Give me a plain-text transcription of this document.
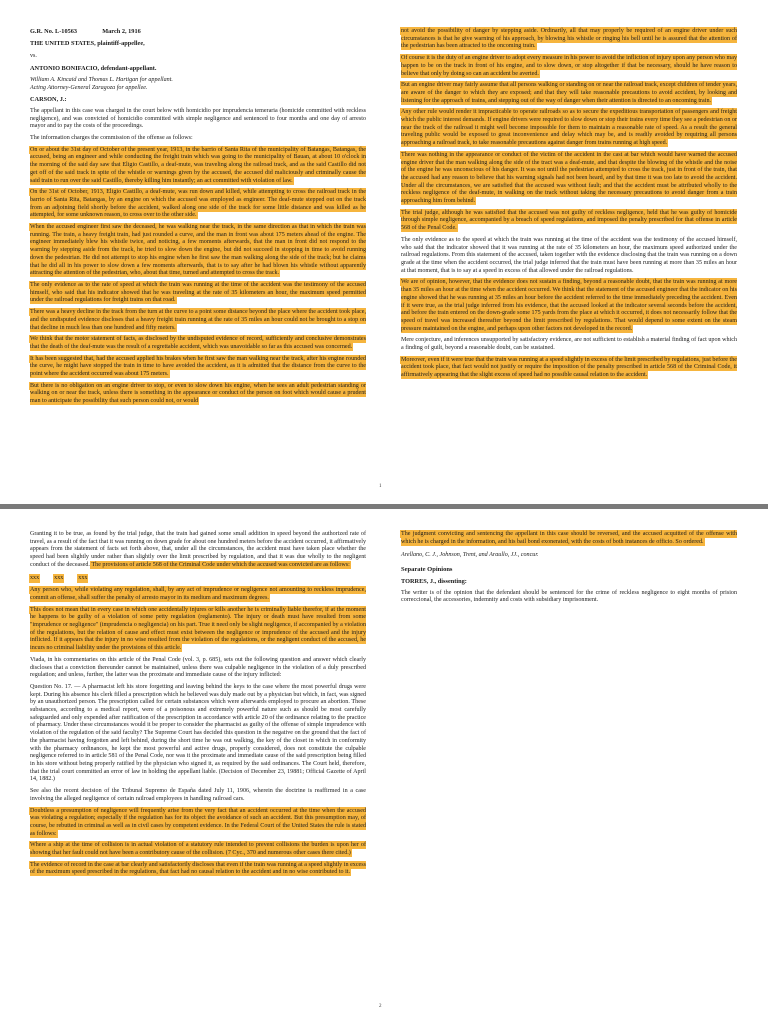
G.R. No. L-10563	March 2, 1916

THE UNITED STATES, plaintiff-appellee,

vs.

ANTONIO BONIFACIO, defendant-appellant.

William A. Kincaid and Thomas L. Hartigan for appellant.

Acting Attorney-General Zaragoza for appellee.

CARSON, J.:

The appellant in this case was charged in the court below with homicidio por imprudencia temeraria (homicide committed with reckless negligence), and was convicted of homicidio committed with simple negligence and sentenced to four months and one day of arresto mayor and to pay the costs of the proceedings.

The information charges the commission of the offense as follows:

On or about the 31st day of October of the present year, 1913, in the barrio of Santa Rita of the municipality of Batangas, Batangas, the accused, being an engineer and while conducting the freight train which was going to the municipality of Bauan, at about 10 o'clock in the morning of the said day saw that Eligio Castillo, a deaf-mute, was traveling along the railroad track, and as the said Castillo did not get off of the said track in spite of the whistle or warnings given by the accused, the accused did maliciously and criminally cause the said train to run over the said Castillo, thereby killing him instantly; an act committed with violation of law.

On the 31st of October, 1913, Eligio Castillo, a deaf-mute, was run down and killed, while attempting to cross the railroad track in the barrio of Santa Rita, Batangas, by an engine on which the accused was employed as engineer. The deaf-mute stepped out on the track from an adjoining field shortly before the accident, walked along one side of the track for some little distance and was killed as he attempted, for some unknown reason, to cross over to the other side.

When the accused engineer first saw the deceased, he was walking near the track, in the same direction as that in which the train was running. The train, a heavy freight train, had just rounded a curve, and the man in front was about 175 meters ahead of the engine. The engineer immediately blew his whistle twice, and noticing, a few moments afterwards, that the man in front did not respond to the warning by stepping aside from the track, he tried to slow down the engine, but did not succeed in stopping in time to avoid running down the pedestrian. He did not attempt to stop his engine when he first saw the man walking along the side of the track; but he claims that he did all in his power to slow down a few moments afterwards, that is to say after he had blown his whistle without apparently attracting the attention of the pedestrian, who, about that time, turned and attempted to cross the track.

The only evidence as to the rate of speed at which the train was running at the time of the accident was the testimony of the accused himself, who said that his indicator showed that he was traveling at the rate of 35 kilometers an hour, the maximum speed permitted under the railroad regulations for freight trains on that road.

There was a heavy decline in the track from the turn at the curve to a point some distance beyond the place where the accident took place, and the undisputed evidence discloses that a heavy freight train running at the rate of 35 miles an hour could not be brought to a stop on that decline in much less than one hundred and fifty meters.

We think that the motor statement of facts, as disclosed by the undisputed evidence of record, sufficiently and conclusive demonstrates that the death of the deaf-mute was the result of a regrettable accident, which was unavoidable so far as this accused was concerned.

It has been suggested that, had the accused applied his brakes when he first saw the man walking near the track, after his engine rounded the curve, he might have stopped the train in time to have avoided the accident, as it is admitted that the distance from the curve to the point where the accident occurred was about 175 meters.

But there is no obligation on an engine driver to stop, or even to slow down his engine, when he sees an adult pedestrian standing or walking on or near the track, unless there is something in the appearance or conduct of the person on foot which would cause a prudent man to anticipate the possibility that such person could not, or would

not avoid the possibility of danger by stepping aside. Ordinarily, all that may properly be required of an engine driver under such circumstances is that he give warning of his approach, by blowing his whistle or ringing his bell until he is assured that the attention of the pedestrian has been attracted to the oncoming train.

Of course it is the duty of an engine driver to adopt every measure in his power to avoid the infliction of injury upon any person who may happen to be on the track in front of his engine, and to slow down, or stop altogether if that be necessary, should he have reason to believe that only by doing so can an accident be averted.

But an engine driver may fairly assume that all persons walking or standing on or near the railroad track, except children of tender years, are aware of the danger to which they are exposed; and that they will take reasonable precautions to avoid accident, by looking and listening for the approach of trains, and stepping out of the way of danger when their attention is directed to an oncoming train.

Any other rule would render it impracticable to operate railroads so as to secure the expeditious transportation of passengers and freight which the public interest demands. If engine drivers were required to slow down or stop their trains every time they see a pedestrian on or near the track of the railroad it might well become impossible for them to maintain a reasonable rate of speed. As a result the general traveling public would be exposed to great inconvenience and delay which may be, and is readily avoided by requiring all persons approaching a railroad track, to take reasonable precautions against danger from trains running at high speed.

There was nothing in the appearance or conduct of the victim of the accident in the cast at bar which would have warned the accused engine driver that the man walking along the side of the tract was a deaf-mute, and that despite the blowing of the whistle and the noise of the engine he was unconscious of his danger. It was not until the pedestrian attempted to cross the track, just in front of the train, that the accused had any reason to believe that his warning signals had not been heard, and by that time it was too late to avoid the accident. Under all the circumstances, we are satisfied that the accused was without fault; and that the accident must be attributed wholly to the reckless negligence of the deaf-mute, in walking on the track without taking the necessary precautions to avoid danger from a train approaching him from behind.

The trial judge, although he was satisfied that the accused was not guilty of reckless negligence, held that he was guilty of homicide through simple negligence, accompanied by a breach of speed regulations, and imposed the penalty prescribed for that offense in article 568 of the Penal Code.

The only evidence as to the speed at which the train was running at the time of the accident was the testimony of the accused himself, who said that the indicator showed that it was running at the rate of 35 kilometers an hour, the maximum speed authorized under the railroad regulations. From this statement of the accused, taken together with the evidence disclosing that the train was running on a down grade at the time when the accident occurred, the trial judge inferred that the train must have been running at more than 35 miles an hour at that moment, that is to say at a speed in excess of that allowed under the railroad regulations.

We are of opinion, however, that the evidence does not sustain a finding, beyond a reasonable doubt, that the train was running at more than 35 miles an hour at the time when the accident occurred. We think that the statement of the accused engineer that the indicator on his engine showed that he was running at 35 miles an hour before the accident referred to the time immediately preceding the accident. Even if it were true, as the trial judge inferred from his evidence, that the accused looked at the indicator several seconds before the accident, and before the train entered on the down-grade some 175 yards from the place at which it occurred, it does not necessarily follow that the speed of travel was increased thereafter beyond the limit prescribed by regulations. That would depend to some extent on the steam pressure maintained on the engine, and perhaps upon other factors not developed in the record.

Mere conjecture, and inferences unsupported by satisfactory evidence, are not sufficient to establish a material finding of fact upon which a finding of guilt, beyond a reasonable doubt, can be sustained.

Moreover, even if it were true that the train was running at a speed slightly in excess of the limit prescribed by regulations, just before the accident took place, that fact would not justify or require the imposition of the penalty prescribed in article 568 of the Criminal Code, it affirmatively appearing that the slight excess of speed had no possible causal relation to the accident.

1

Granting it to be true, as found by the trial judge, that the train had gained some small addition in speed beyond the authorized rate of travel, as a result of the fact that it was running on down grade for about one hundred meters before the accident occurred, it affirmatively appears from the statement of facts set forth above, that, under all the circumstances, the accident must have taken place whether the speed had been slightly under rather than slightly over the limit prescribed by regulation, and that it was due wholly to the negligent conduct of the deceased. The provisions of article 568 of the Criminal Code under which the accused was convicted are as follows:

xxx xxx xxx

Any person who, while violating any regulation, shall, by any act of imprudence or negligence not amounting to reckless imprudence, commit an offense, shall suffer the penalty of arresto mayor in its medium and maximum degrees.

This does not mean that in every case in which one accidentally injures or kills another he is criminally liable therefor, if at the moment he happens to be guilty of a violation of some petty regulation (reglamento). The injury or death must have resulted from some "imprudence or negligence" (imprudencia o negligencia) on his part. True it need only be slight negligence, if accompanied by a violation of the regulations, but the relation of cause and effect must exist between the negligence or imprudence of the accused and the injury inflicted. If it appears that the injury in no wise resulted from the violation of the regulations, or the negligent conduct of the accused, he incurs no criminal liability under the provisions of this article.

Viada, in his commentaries on this article of the Penal Code (vol. 3, p. 685), sets out the following question and answer which clearly discloses that a conviction thereunder cannot be maintained, unless there was culpable negligence in the violation of a duly prescribed regulation; and unless, further, the latter was the proximate and immediate cause of the injury inflicted:

Question No. 17. — A pharmacist left his store forgetting and leaving behind the keys to the case where the most powerful drugs were kept. During his absence his clerk filled a prescription which he believed was duly made out by a physician but which, in fact, was signed by an unauthorized person. The prescription called for certain substances which were afterwards employed to procure an abortion. These substances, according to a medical report, were of a poisonous and extremely powerful nature such as should be most carefully safeguarded and only expended after ratification of the prescription in accordance with article 20 of the ordinance relating to the practice of pharmacy. Under these circumstances would it be proper to consider the pharmacist as guilty of the offense of simple imprudence with violation of the regulation of the said faculty? The Supreme Court has decided this question in the negative on the ground that the fact of the pharmacist having forgotten and left behind, during the short time he was out walking, the key of the closet in which in conformity with the pharmacy ordinances, he kept the most powerful and active drugs, properly considered, does not constitute the culpable negligence referred to in article 581 of the Penal Code, nor was it the proximate and immediate cause of the said prescription being filled in his store without being properly ratified by the physician who signed it, as required by the said ordinances. The Court held, therefore, that the trial court committed an error of law in holding the appellant liable. (Decision of December 23, 19881; Official Gazette of April 14, 1882.)

See also the recent decision of the Tribunal Supremo de España dated July 11, 1906, wherein the doctrine is reaffirmed in a case involving the alleged negligence of certain railroad employees in handling railroad cars.

Doubtless a presumption of negligence will frequently arise from the very fact that an accident occurred at the time when the accused was violating a regulation; especially if the regulation has for its object the avoidance of such an accident. But this presumption may, of course, be rebutted in criminal as well as in civil cases by competent evidence. In the Federal Court of the United States the rule is stated as follows:

Where a ship at the time of collision is in actual violation of a statutory rule intended to prevent collisions the burden is upon her of showing that her fault could not have been a contributory cause of the collision. (7 Cyc., 370 and numerous other cases there cited.)

The evidence of record in the case at bar clearly and satisfactorily discloses that even if the train was running at a speed slightly in excess of the maximum speed prescribed in the regulations, that fact had no causal relation to the accident and in no wise contributed to it.

The judgment convicting and sentencing the appellant in this case should be reversed, and the accused acquitted of the offense with which he is charged in the information, and his bail bond exonerated, with the costs of both instances de officio. So ordered.

Arellano, C. J., Johnson, Trent, and Araullo, JJ., concur.

Separate Opinions

TORRES, J., dissenting:

The writer is of the opinion that the defendant should be sentenced for the crime of reckless negligence to eight months of prision correccional, the accessories, indemnity and costs with subsidiary imprisonment.

2
